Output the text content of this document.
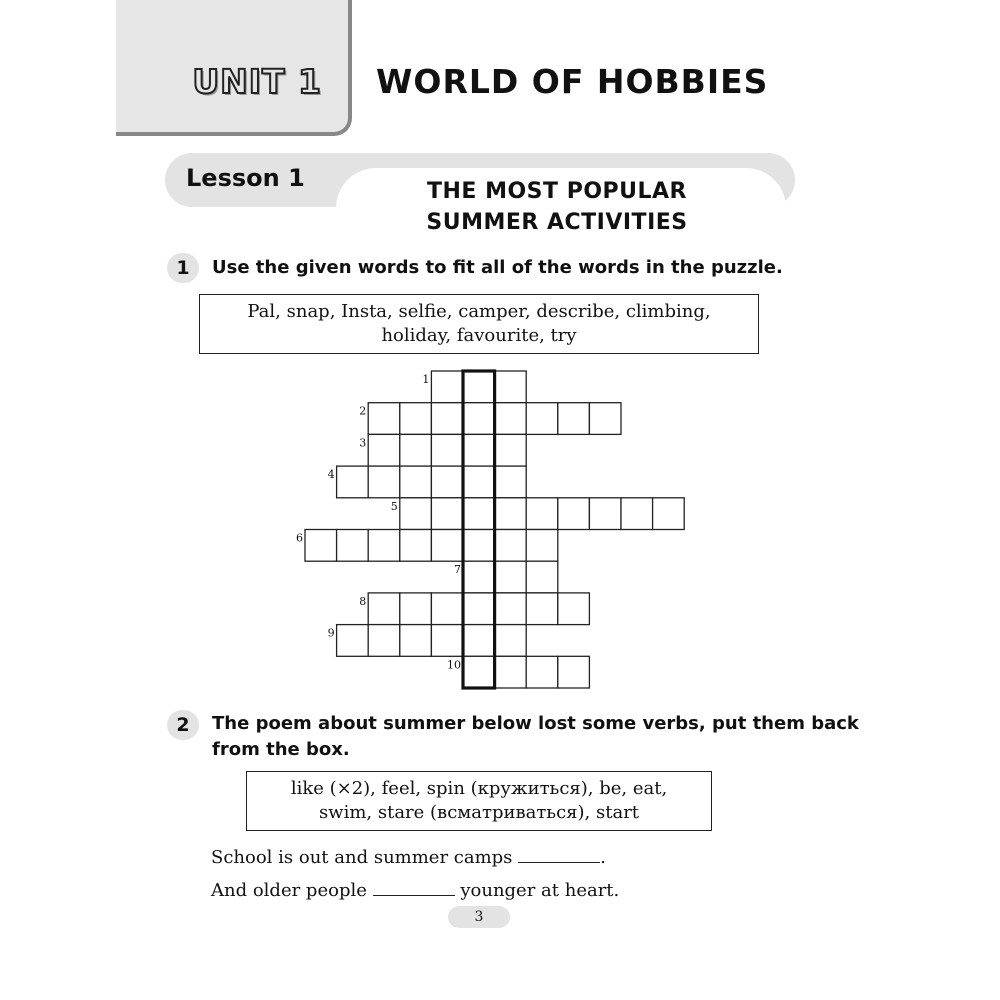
UNIT 1	WORLD OF HOBBIES
Lesson 1	THE MOST POPULAR
SUMMER ACTIVITIES
1	Use the given words to fit all of the words in the puzzle.
Pal, snap, Insta, selfie, camper, describe, climbing,
holiday, favourite, try
1
2
3
4
5
6
7
8
9
10
2	The poem about summer below lost some verbs, put them back
from the box.
like (×2), feel, spin (кружиться), be, eat,
swim, stare (всматриваться), start
School is out and summer camps	.
And older people	younger at heart.
3
